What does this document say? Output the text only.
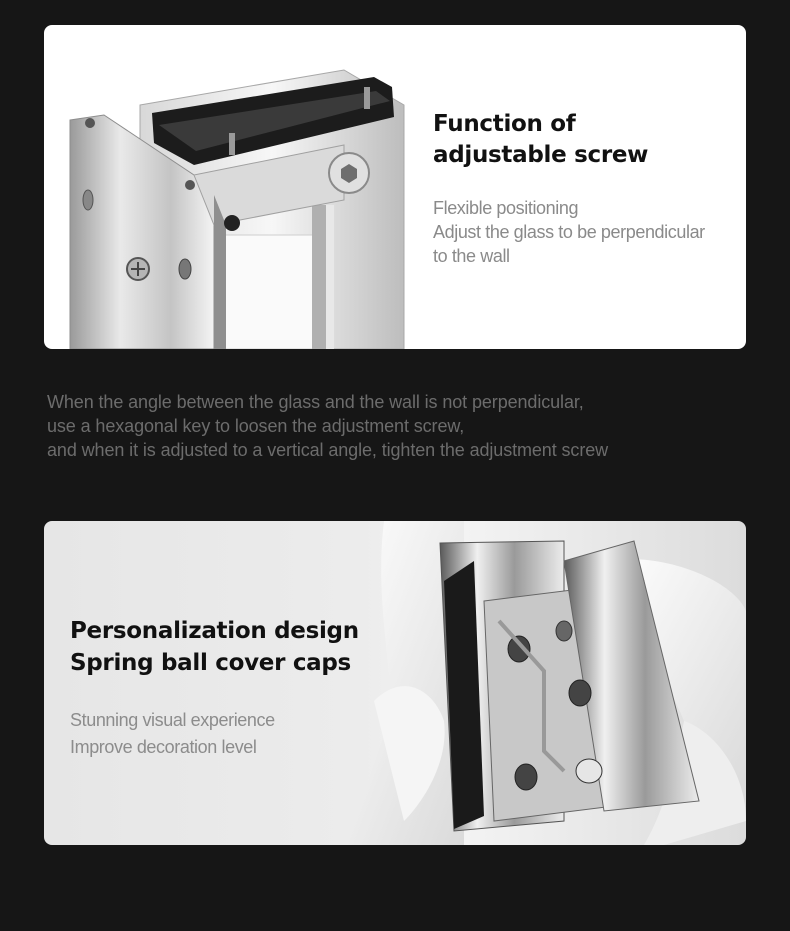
Function of
adjustable screw
Flexible positioning
Adjust the glass to be perpendicular
to the wall
When the angle between the glass and the wall is not perpendicular,
use a hexagonal key to loosen the adjustment screw,
and when it is adjusted to a vertical angle, tighten the adjustment screw
Personalization design
Spring ball cover caps
Stunning visual experience
Improve decoration level
